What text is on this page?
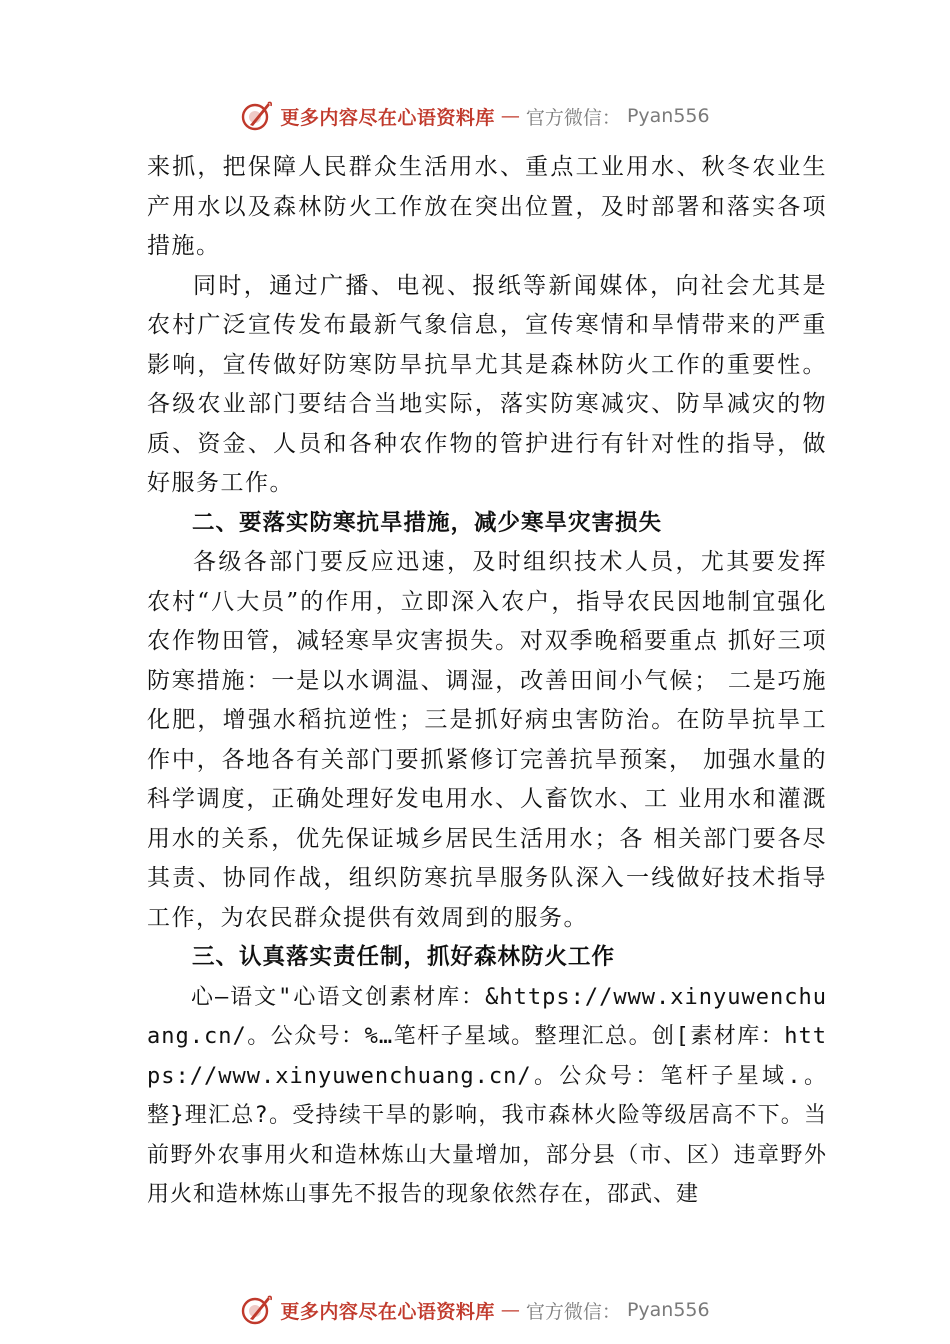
更多内容尽在心语资料库 — 官方微信： Pyan556

来抓，把保障人民群众生活用水、重点工业用水、秋冬农业生产用水以及森林防火工作放在突出位置，及时部署和落实各项措施。

同时，通过广播、电视、报纸等新闻媒体，向社会尤其是农村广泛宣传发布最新气象信息，宣传寒情和旱情带来的严重影响，宣传做好防寒防旱抗旱尤其是森林防火工作的重要性。各级农业部门要结合当地实际，落实防寒减灾、防旱减灾的物质、资金、人员和各种农作物的管护进行有针对性的指导，做好服务工作。

二、要落实防寒抗旱措施，减少寒旱灾害损失

各级各部门要反应迅速，及时组织技术人员，尤其要发挥农村“八大员”的作用，立即深入农户，指导农民因地制宜强化农作物田管，减轻寒旱灾害损失。对双季晚稻要重点 抓好三项防寒措施：一是以水调温、调湿，改善田间小气候； 二是巧施化肥，增强水稻抗逆性；三是抓好病虫害防治。在防旱抗旱工作中，各地各有关部门要抓紧修订完善抗旱预案， 加强水量的科学调度，正确处理好发电用水、人畜饮水、工 业用水和灌溉用水的关系，优先保证城乡居民生活用水；各 相关部门要各尽其责、协同作战，组织防寒抗旱服务队深入一线做好技术指导工作，为农民群众提供有效周到的服务。

三、认真落实责任制，抓好森林防火工作

心—语文"心语文创素材库：&https://www.xinyuwenchuang.cn/。公众号：%…笔杆子星域。整理汇总。创[素材库：https://www.xinyuwenchuang.cn/。公众号：笔杆子星域.。整}理汇总?。受持续干旱的影响，我市森林火险等级居高不下。当前野外农事用火和造林炼山大量增加，部分县（市、区）违章野外用火和造林炼山事先不报告的现象依然存在，邵武、建

更多内容尽在心语资料库 — 官方微信： Pyan556
